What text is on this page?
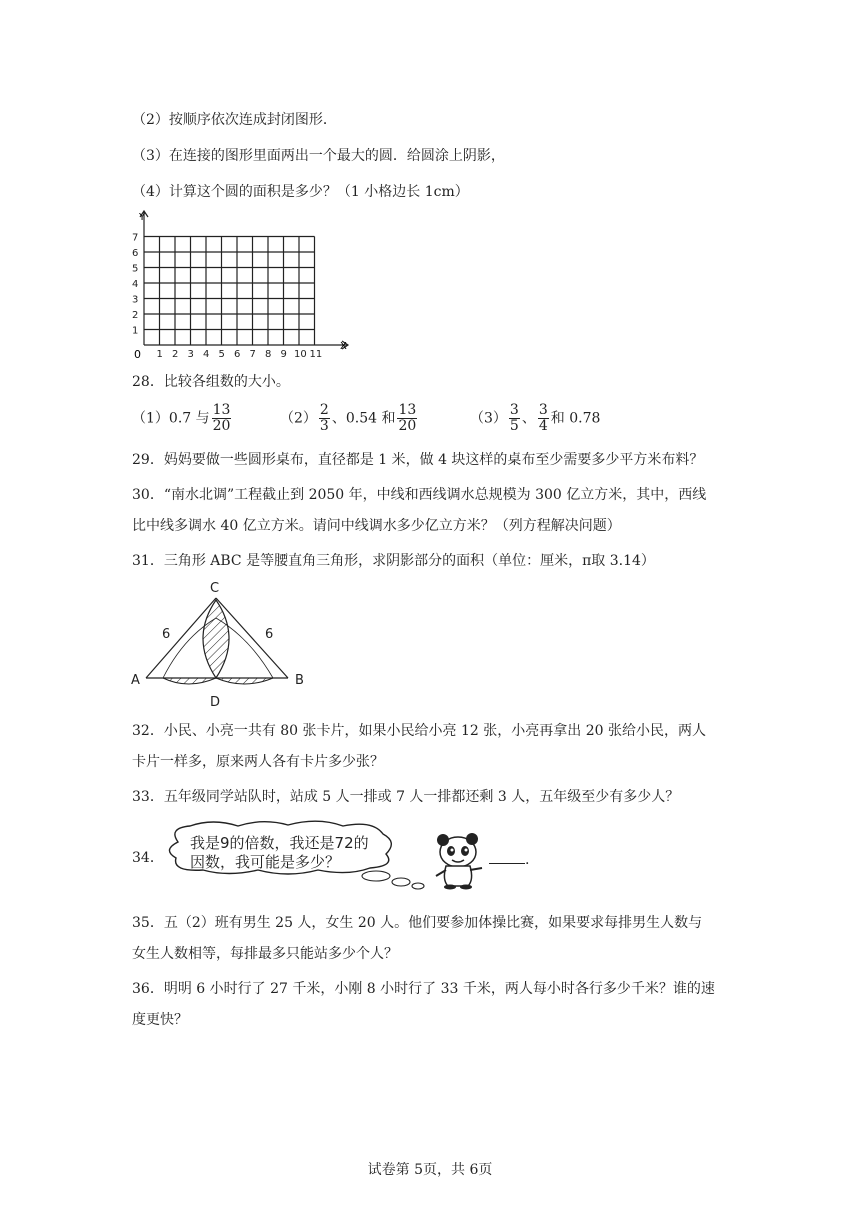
（2）按顺序依次连成封闭图形．
（3）在连接的图形里面两出一个最大的圆．给圆涂上阴影，
（4）计算这个圆的面积是多少？（1 小格边长 1cm）
Y
X
0 1 2 3 4 5 6 7 8 9 10 11
1
2
3
4
5
6
7
28．比较各组数的大小。
（1）0.7 与 $\frac{13}{20}$	$(2) \frac{2}{3}$ 、0.54 和 $\frac{13}{20}$	$(3) \frac{3}{5}$ 、 $\frac{3}{4}$ 和 0.78
29．妈妈要做一些圆形桌布，直径都是 1 米，做 4 块这样的桌布至少需要多少平方米布料？
30．“南水北调”工程截止到 2050 年，中线和西线调水总规模为 300 亿立方米，其中，西线
比中线多调水 40 亿立方米。请问中线调水多少亿立方米？（列方程解决问题）
31．三角形 ABC 是等腰直角三角形，求阴影部分的面积（单位：厘米，π取 3.14）
C
A	B
D
6	6
32．小民、小亮一共有 80 张卡片，如果小民给小亮 12 张，小亮再拿出 20 张给小民，两人
卡片一样多，原来两人各有卡片多少张？
33．五年级同学站队时，站成 5 人一排或 7 人一排都还剩 3 人，五年级至少有多少人？
34．
我是9的倍数，我还是72的
因数，我可能是多少？	.
35．五（2）班有男生 25 人，女生 20 人。他们要参加体操比赛，如果要求每排男生人数与
女生人数相等，每排最多只能站多少个人？
36．明明 6 小时行了 27 千米，小刚 8 小时行了 33 千米，两人每小时各行多少千米？谁的速
度更快？
试卷第 5页，共 6页
